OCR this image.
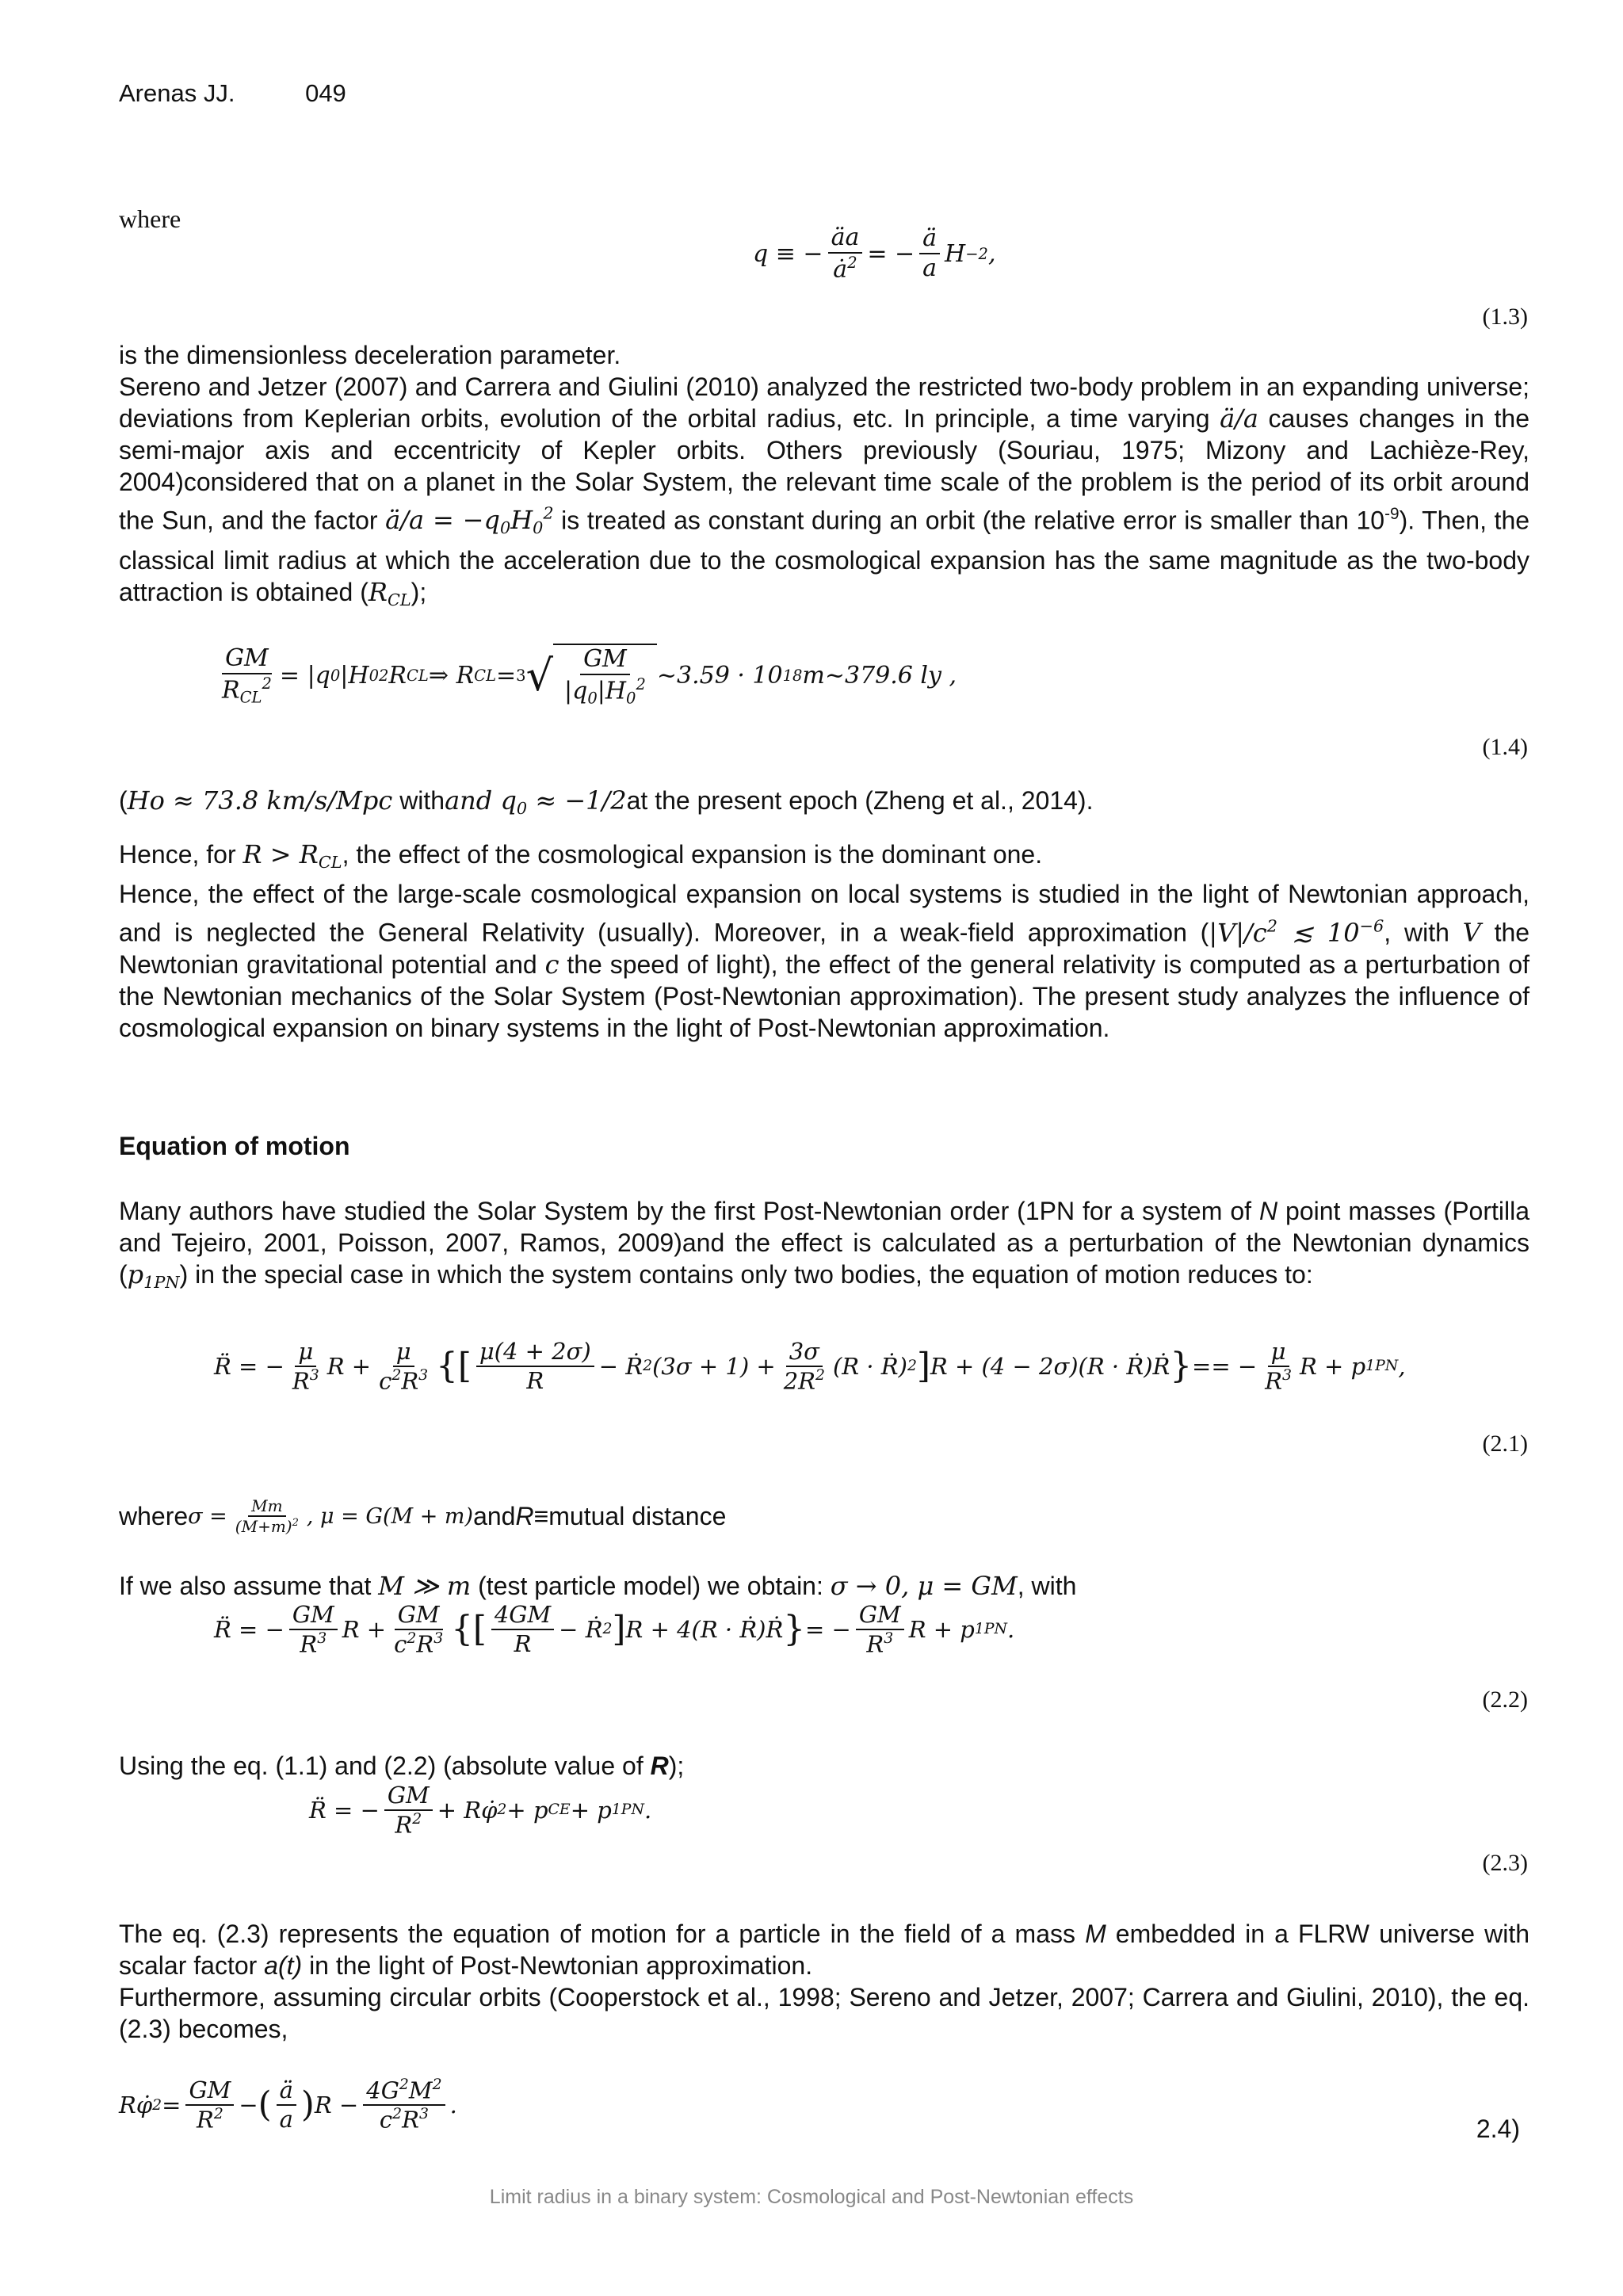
Arenas JJ.	049
where
q ≡ − $\frac{äa}{ȧ^2}$ = − $\frac{ä}{a}$ H −2 ,
(1.3)

is the dimensionless deceleration parameter.

Sereno and Jetzer (2007) and Carrera and Giulini (2010) analyzed the restricted two-body problem in an expanding universe; deviations from Keplerian orbits, evolution of the orbital radius, etc. In principle, a time varying ä/a causes changes in the semi-major axis and eccentricity of Kepler orbits. Others previously (Souriau, 1975; Mizony and Lachièze-Rey, 2004)considered that on a planet in the Solar System, the relevant time scale of the problem is the period of its orbit around the Sun, and the factor ä/a = $-q_0H_0^2$ is treated as constant during an orbit (the relative error is smaller than $10^{-9}$). Then, the classical limit radius at which the acceleration due to the cosmological expansion has the same magnitude as the two-body attraction is obtained $(R_{CL})$;

$\frac{GM}{R_{CL}^2} = |q$ 0 |H 0 2 R CL ⇒ R CL = 3 √ $\frac{GM}{|q_0|H_0^2}$ ~3.59 · 10 18 m~379.6 ly ,
(1.4)

(Ho ≈ 73.8 km/s/Mpc withand $q_0 \approx -1/2at$ the present epoch (Zheng et al., 2014).

Hence, for $R > R_{CL}$, the effect of the cosmological expansion is the dominant one.

Hence, the effect of the large-scale cosmological expansion on local systems is studied in the light of Newtonian approach, and is neglected the General Relativity (usually). Moreover, in a weak-field approximation ($|V|/c^2$ ≲ $10^{-6}$, with V the Newtonian gravitational potential and c the speed of light), the effect of the general relativity is computed as a perturbation of the Newtonian mechanics of the Solar System (Post-Newtonian approximation). The present study analyzes the influence of cosmological expansion on binary systems in the light of Post-Newtonian approximation.

Equation of motion

Many authors have studied the Solar System by the first Post-Newtonian order (1PN for a system of N point masses (Portilla and Tejeiro, 2001, Poisson, 2007, Ramos, 2009)and the effect is calculated as a perturbation of the Newtonian dynamics $(p_{1PN})$ in the special case in which the system contains only two bodies, the equation of motion reduces to:

R̈ = − $\frac{\mu}{R^3}$ $R + \frac{\mu}{c^2R^3}$ {[ $\frac{\mu(4 + 2\sigma)}{R}$ − Ṙ 2 $(3\sigma + 1) + \frac{3\sigma}{2R^2} (R$ · Ṙ) 2 ] R + (4 − 2σ)(R · Ṙ)Ṙ } == − $\frac{\mu}{R^3}$ R + p 1PN ,
(2.1)
where $\sigma = \frac{Mm}{(M+m)^2}$ , μ = G(M + m) and R ≡mutual distance
If we also assume that M ≫ m (test particle model) we obtain: σ → 0, μ = GM, with
R̈ = − $\frac{GM}{R^3}$ $R + \frac{GM}{c^2R^3}$ {[ $\frac{4GM}{R}$ − Ṙ 2 ] R + 4(R · Ṙ)Ṙ } = − $\frac{GM}{R^3}$ R + p 1PN .
(2.2)
Using the eq. (1.1) and (2.2) (absolute value of R);
R̈ = − $\frac{GM}{R^2}$ + Rφ̇ 2 + p CE + p 1PN .
(2.3)

The eq. (2.3) represents the equation of motion for a particle in the field of a mass M embedded in a FLRW universe with scalar factor a(t) in the light of Post-Newtonian approximation.

Furthermore, assuming circular orbits (Cooperstock et al., 1998; Sereno and Jetzer, 2007; Carrera and Giulini, 2010), the eq. (2.3) becomes,

Rφ̇ $2 = \frac{GM}{R^2}$ − ( $\frac{ä}{a}$ ) $R - \frac{4G^2M^2}{c^2R^3}$ .
2.4)
Limit radius in a binary system: Cosmological and Post-Newtonian effects
